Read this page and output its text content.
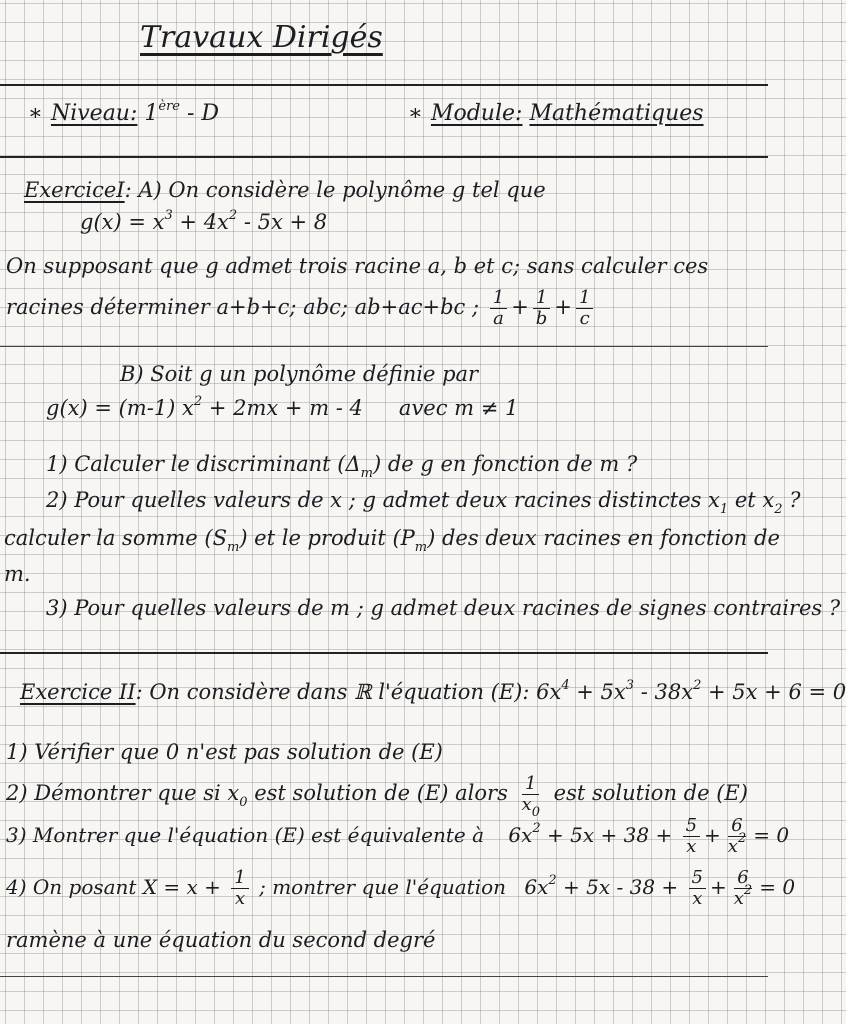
Travaux Dirigés
∗ Niveau: 1ère - D	∗ Module: Mathématiques
ExerciceI: A) On considère le polynôme g tel que
$g(x) = x^3 + 4x^2 - 5x + 8$
On supposant que g admet trois racine a, b et c; sans calculer ces
racines déterminer a+b+c; abc; ab+ac+bc ; $\frac{1}{a} + \frac{1}{b} + \frac{1}{c}$
B) Soit g un polynôme définie par
g(x) = (m-1) $x^2 + 2mx + m - 4$ avec m ≠ 1
1) Calculer le discriminant $(\Delta_m)$ de g en fonction de m ?
2) Pour quelles valeurs de x ; g admet deux racines distinctes $x_1$ et $x_2$ ?
calculer la somme $(S_m)$ et le produit $(P_m)$ des deux racines en fonction de
m.
3) Pour quelles valeurs de m ; g admet deux racines de signes contraires ?
Exercice II: On considère dans ℝ l'équation (E): $6x^4 + 5x^3 - 38x^2 + 5x + 6 = 0$
1) Vérifier que 0 n'est pas solution de (E)
2) Démontrer que si $x_0$ est solution de (E) alors $\frac{1}{x_0}$ est solution de (E)
3) Montrer que l'équation (E) est équivalente à $6x^2 + 5x + 38 + \frac{5}{x} + \frac{6}{x^2} = 0$
4) On posant $X = x + \frac{1}{x}$ ; montrer que l'équation $6x^2 + 5x - 38 + \frac{5}{x} + \frac{6}{x^2} = 0$
ramène à une équation du second degré
